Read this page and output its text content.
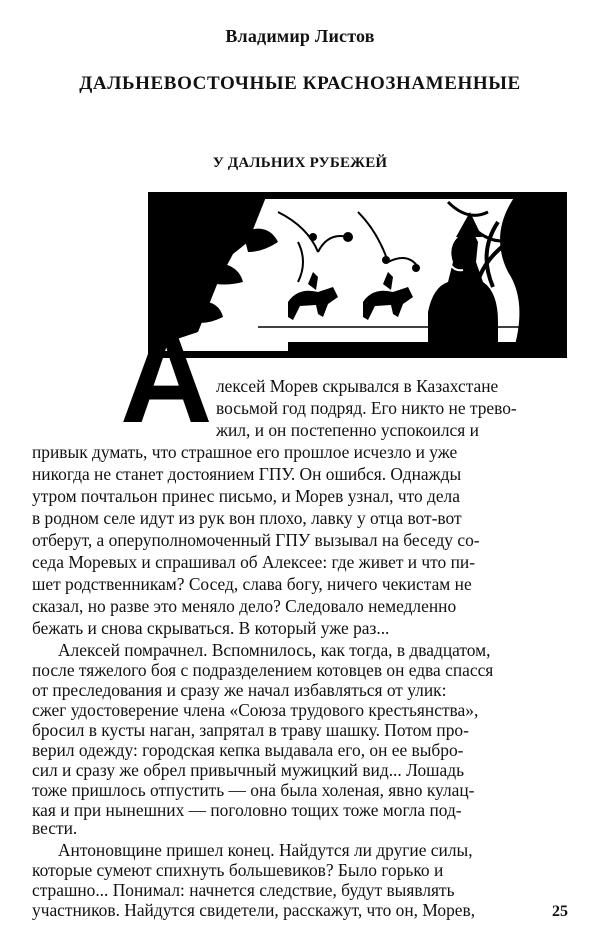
Владимир Листов
ДАЛЬНЕВОСТОЧНЫЕ КРАСНОЗНАМЕННЫЕ
У ДАЛЬНИХ РУБЕЖЕЙ
А лексей Морев скрывался в Казахстане
восьмой год подряд. Его никто не трево-
жил, и он постепенно успокоился и
привык думать, что страшное его прошлое исчезло и уже
никогда не станет достоянием ГПУ. Он ошибся. Однажды
утром почтальон принес письмо, и Морев узнал, что дела
в родном селе идут из рук вон плохо, лавку у отца вот-вот
отберут, а оперуполномоченный ГПУ вызывал на беседу со-
седа Моревых и спрашивал об Алексее: где живет и что пи-
шет родственникам? Сосед, слава богу, ничего чекистам не
сказал, но разве это меняло дело? Следовало немедленно
бежать и снова скрываться. В который уже раз...
Алексей помрачнел. Вспомнилось, как тогда, в двадцатом,
после тяжелого боя с подразделением котовцев он едва спасся
от преследования и сразу же начал избавляться от улик:
сжег удостоверение члена «Союза трудового крестьянства»,
бросил в кусты наган, запрятал в траву шашку. Потом про-
верил одежду: городская кепка выдавала его, он ее выбро-
сил и сразу же обрел привычный мужицкий вид... Лошадь
тоже пришлось отпустить — она была холеная, явно кулац-
кая и при нынешних — поголовно тощих тоже могла под-
вести.
Антоновщине пришел конец. Найдутся ли другие силы,
которые сумеют спихнуть большевиков? Было горько и
страшно... Понимал: начнется следствие, будут выявлять
участников. Найдутся свидетели, расскажут, что он, Морев,	25
